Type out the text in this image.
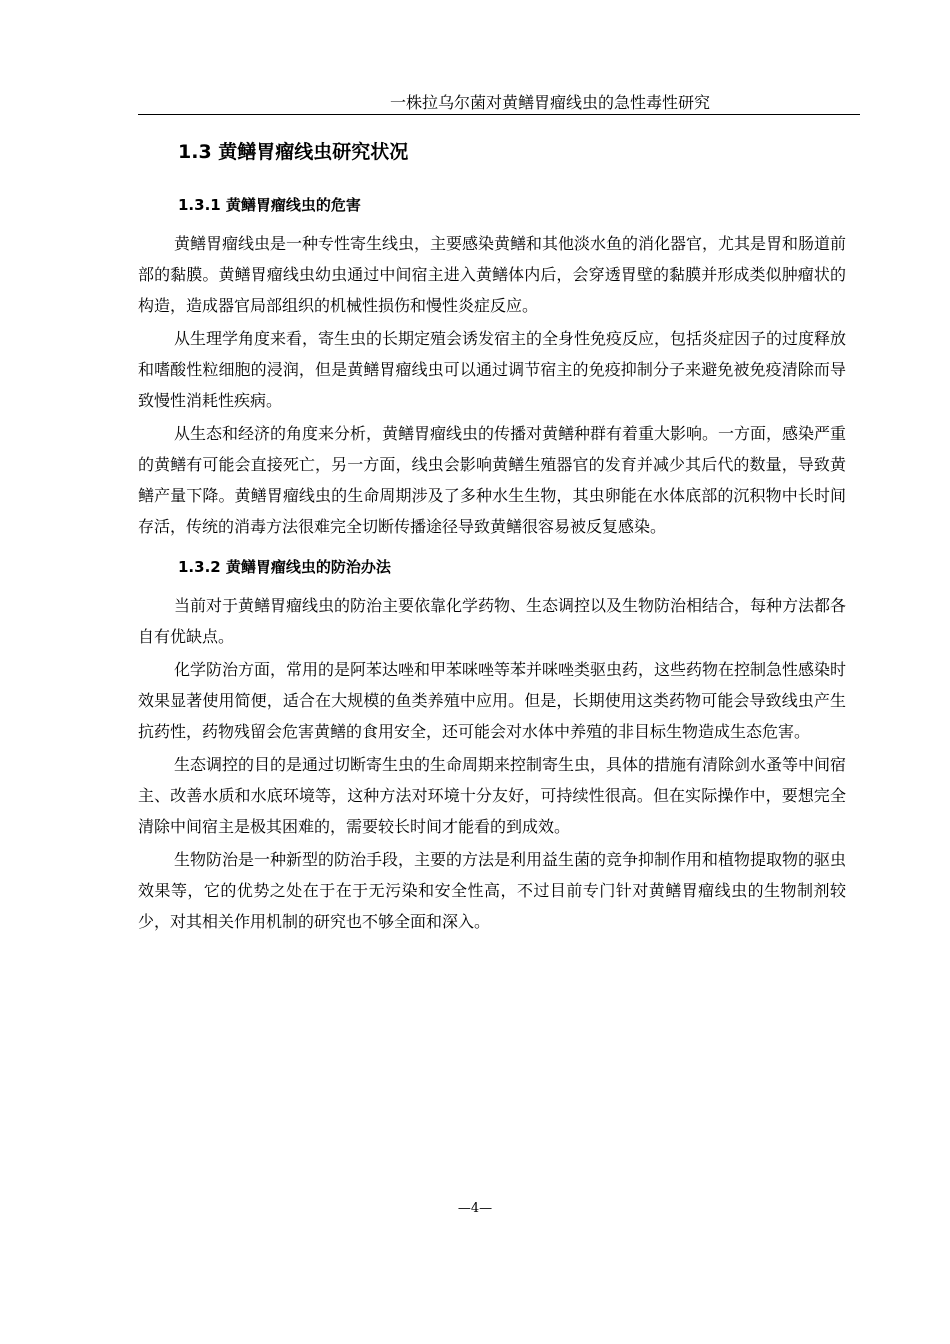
一株拉乌尔菌对黄鳝胃瘤线虫的急性毒性研究
1.3 黄鳝胃瘤线虫研究状况
1.3.1 黄鳝胃瘤线虫的危害

黄鳝胃瘤线虫是一种专性寄生线虫，主要感染黄鳝和其他淡水鱼的消化器官，尤其是胃和肠道前部的黏膜。黄鳝胃瘤线虫幼虫通过中间宿主进入黄鳝体内后，会穿透胃壁的黏膜并形成类似肿瘤状的构造，造成器官局部组织的机械性损伤和慢性炎症反应。

从生理学角度来看，寄生虫的长期定殖会诱发宿主的全身性免疫反应，包括炎症因子的过度释放和嗜酸性粒细胞的浸润，但是黄鳝胃瘤线虫可以通过调节宿主的免疫抑制分子来避免被免疫清除而导致慢性消耗性疾病。

从生态和经济的角度来分析，黄鳝胃瘤线虫的传播对黄鳝种群有着重大影响。一方面，感染严重的黄鳝有可能会直接死亡，另一方面，线虫会影响黄鳝生殖器官的发育并减少其后代的数量，导致黄鳝产量下降。黄鳝胃瘤线虫的生命周期涉及了多种水生生物，其虫卵能在水体底部的沉积物中长时间存活，传统的消毒方法很难完全切断传播途径导致黄鳝很容易被反复感染。

1.3.2 黄鳝胃瘤线虫的防治办法

当前对于黄鳝胃瘤线虫的防治主要依靠化学药物、生态调控以及生物防治相结合，每种方法都各自有优缺点。

化学防治方面，常用的是阿苯达唑和甲苯咪唑等苯并咪唑类驱虫药，这些药物在控制急性感染时效果显著使用简便，适合在大规模的鱼类养殖中应用。但是，长期使用这类药物可能会导致线虫产生抗药性，药物残留会危害黄鳝的食用安全，还可能会对水体中养殖的非目标生物造成生态危害。

生态调控的目的是通过切断寄生虫的生命周期来控制寄生虫，具体的措施有清除剑水蚤等中间宿主、改善水质和水底环境等，这种方法对环境十分友好，可持续性很高。但在实际操作中，要想完全清除中间宿主是极其困难的，需要较长时间才能看的到成效。

生物防治是一种新型的防治手段，主要的方法是利用益生菌的竞争抑制作用和植物提取物的驱虫效果等，它的优势之处在于在于无污染和安全性高，不过目前专门针对黄鳝胃瘤线虫的生物制剂较少，对其相关作用机制的研究也不够全面和深入。

—4—
